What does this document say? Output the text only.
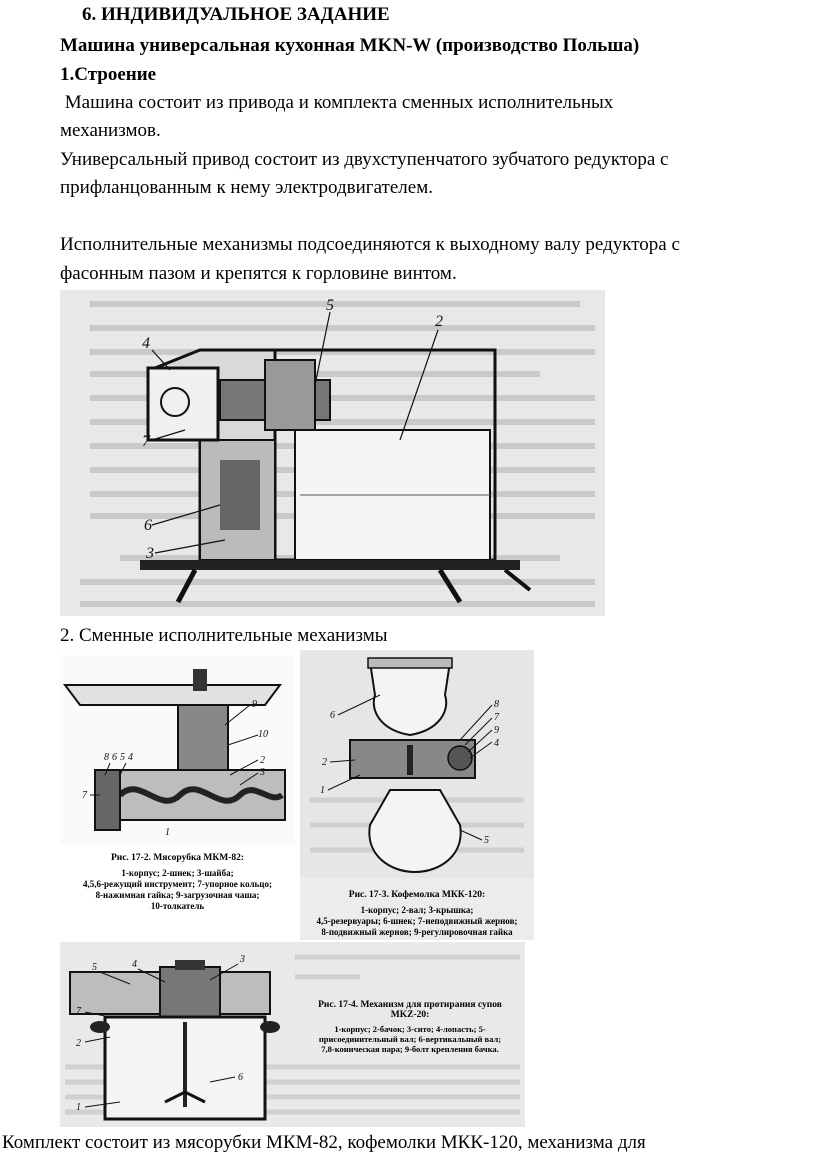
6. ИНДИВИДУАЛЬНОЕ ЗАДАНИЕ
Машина универсальная кухонная MKN-W (производство Польша)
1.Строение
Машина состоит из привода и комплекта сменных исполнительных
механизмов.
Универсальный привод состоит из двухступенчатого зубчатого редуктора с
прифланцованным к нему электродвигателем.
Исполнительные механизмы подсоединяются к выходному валу редуктора с
фасонным пазом и крепятся к горловине винтом.
4
5
2
7
6
3
2. Сменные исполнительные механизмы
9
10
2
3
8 6 5 4
7
1
Рис. 17-2. Мясорубка МКМ-82:
1-корпус; 2-шнек; 3-шайба;
4,5,6-режущий инструмент; 7-упорное кольцо;
8-нажимная гайка; 9-загрузочная чаша;
10-толкатель
6
8
7
9
4
2
1
5
Рис. 17-3. Кофемолка МКК-120:
1-корпус; 2-вал; 3-крышка;
4,5-резервуары; 6-шнек; 7-неподвижный жернов;
8-подвижный жернов; 9-регулировочная гайка
5	4	3
7
2
1
6
Рис. 17-4. Механизм для протирания супов
MKZ-20:
1-корпус; 2-бачок; 3-сито; 4-лопасть; 5-
присоединительный вал; 6-вертикальный вал;
7,8-коническая пара; 9-болт крепления бачка.
Комплект состоит из мясорубки МКМ-82, кофемолки МКК-120, механизма для
